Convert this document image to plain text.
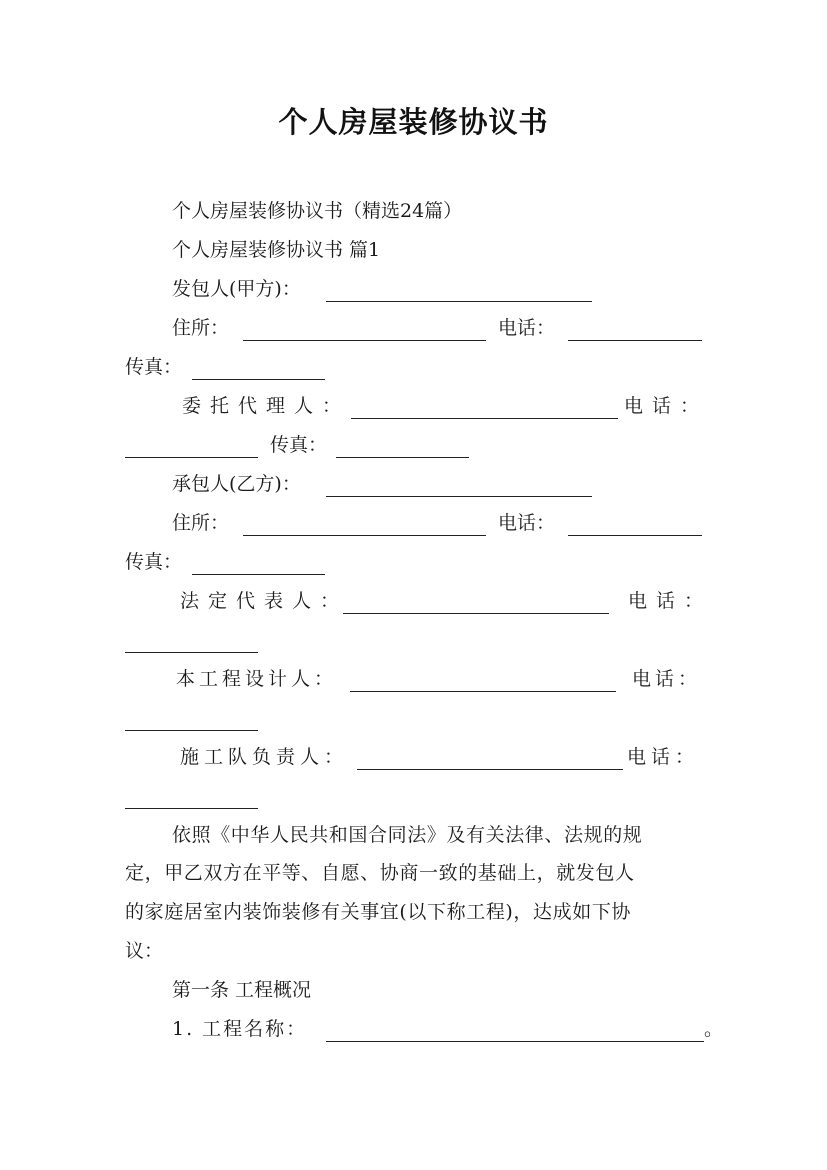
个人房屋装修协议书
个人房屋装修协议书（精选24篇）
个人房屋装修协议书 篇1
发包人(甲方)：
住所：	电话：
传真：
委托代理人：	电话：
传真：
承包人(乙方)：
住所：	电话：
传真：
法定代表人：	电话：
本工程设计人：	电话：
施工队负责人：	电话：
依照《中华人民共和国合同法》及有关法律、法规的规
定，甲乙双方在平等、自愿、协商一致的基础上，就发包人
的家庭居室内装饰装修有关事宜(以下称工程)，达成如下协
议：
第一条 工程概况
1. 工程名称：	。
